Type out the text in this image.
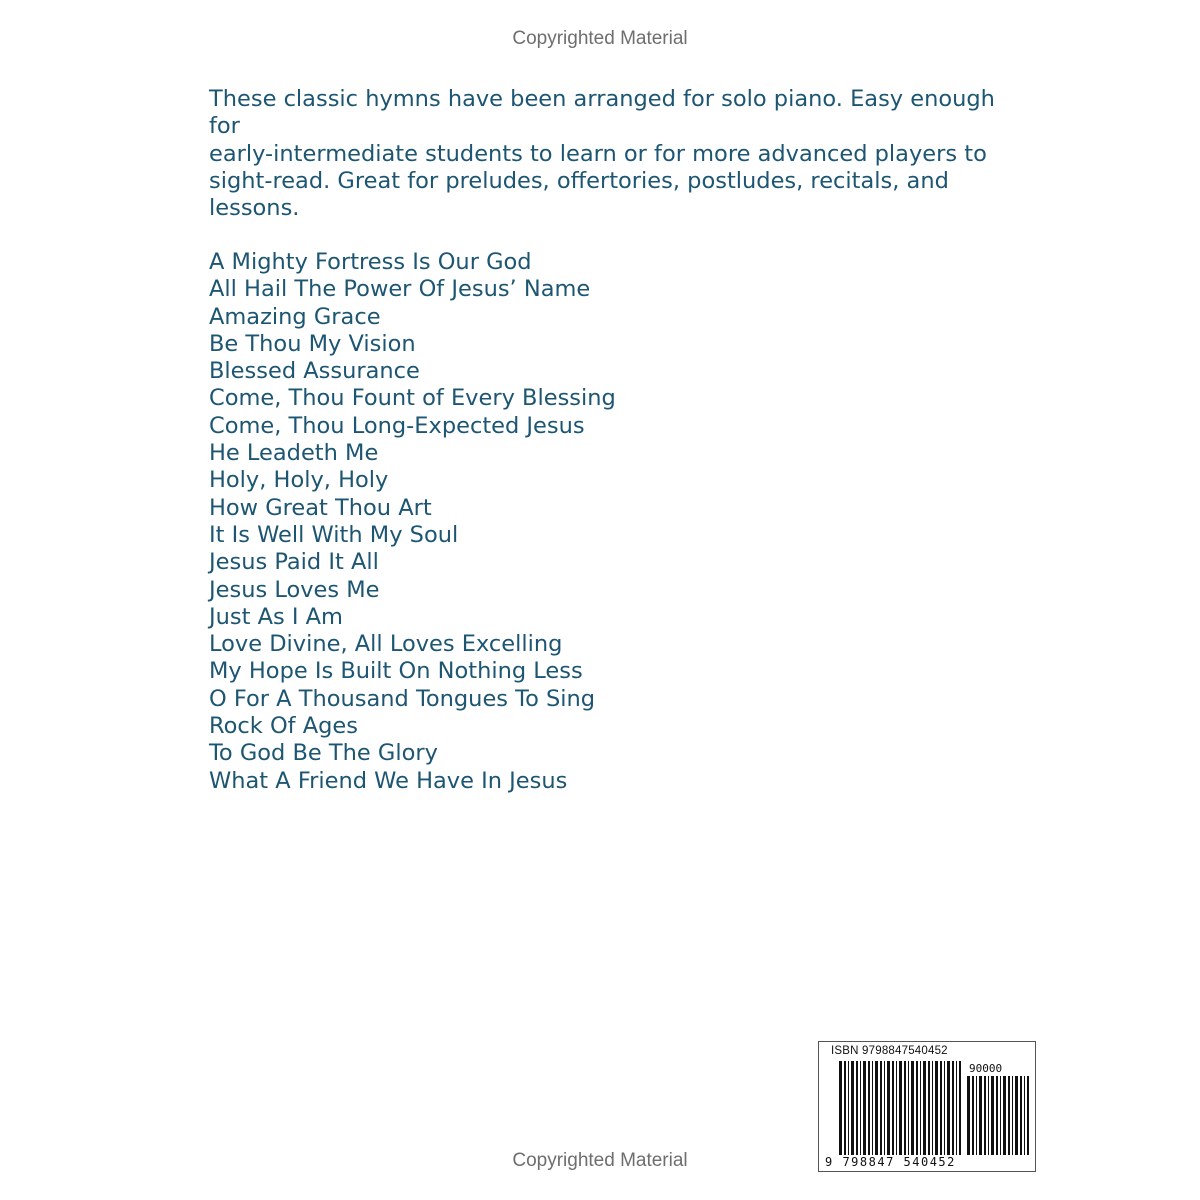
Copyrighted Material

These classic hymns have been arranged for solo piano. Easy enough for
early-intermediate students to learn or for more advanced players to
sight-read. Great for preludes, offertories, postludes, recitals, and
lessons.

A Mighty Fortress Is Our God
All Hail The Power Of Jesus’ Name
Amazing Grace
Be Thou My Vision
Blessed Assurance
Come, Thou Fount of Every Blessing
Come, Thou Long-Expected Jesus
He Leadeth Me
Holy, Holy, Holy
How Great Thou Art
It Is Well With My Soul
Jesus Paid It All
Jesus Loves Me
Just As I Am
Love Divine, All Loves Excelling
My Hope Is Built On Nothing Less
O For A Thousand Tongues To Sing
Rock Of Ages
To God Be The Glory
What A Friend We Have In Jesus
ISBN 9798847540452
90000
9 798847 540452
Copyrighted Material
